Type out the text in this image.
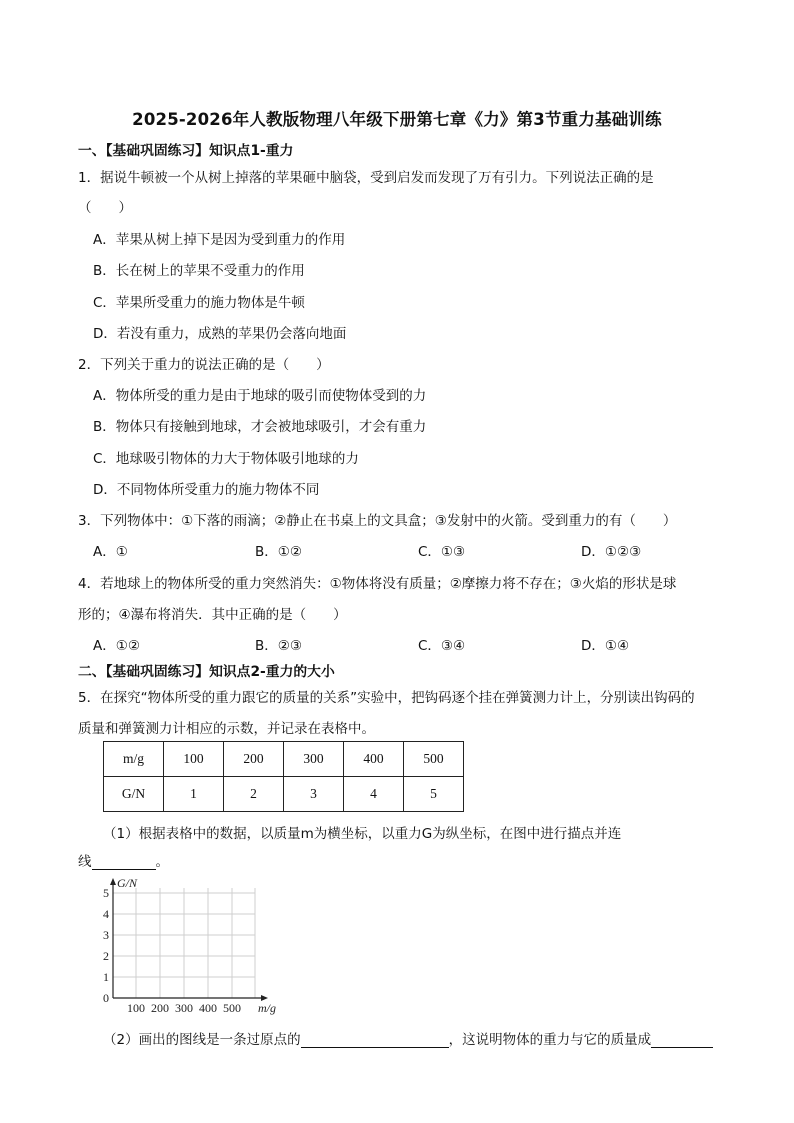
2025-2026年人教版物理八年级下册第七章《力》第3节重力基础训练
一、【基础巩固练习】知识点1-重力
1．据说牛顿被一个从树上掉落的苹果砸中脑袋，受到启发而发现了万有引力。下列说法正确的是
（　　）
A．苹果从树上掉下是因为受到重力的作用
B．长在树上的苹果不受重力的作用
C．苹果所受重力的施力物体是牛顿
D．若没有重力，成熟的苹果仍会落向地面
2．下列关于重力的说法正确的是（　　）
A．物体所受的重力是由于地球的吸引而使物体受到的力
B．物体只有接触到地球，才会被地球吸引，才会有重力
C．地球吸引物体的力大于物体吸引地球的力
D．不同物体所受重力的施力物体不同
3．下列物体中：①下落的雨滴；②静止在书桌上的文具盒；③发射中的火箭。受到重力的有（　　）
A．①	B．①②	C．①③	D．①②③
4．若地球上的物体所受的重力突然消失：①物体将没有质量；②摩擦力将不存在；③火焰的形状是球
形的；④瀑布将消失．其中正确的是（　　）
A．①②	B．②③	C．③④	D．①④
二、【基础巩固练习】知识点2-重力的大小
5．在探究“物体所受的重力跟它的质量的关系”实验中，把钩码逐个挂在弹簧测力计上，分别读出钩码的
质量和弹簧测力计相应的示数，并记录在表格中。
m/g	100	200	300	400	500
G/N	1	2	3	4	5
（1）根据表格中的数据，以质量m为横坐标，以重力G为纵坐标，在图中进行描点并连
线	。
G/N
m/g
5
4
3
2
1
0
100 200 300 400 500
（2）画出的图线是一条过原点的	，这说明物体的重力与它的质量成
